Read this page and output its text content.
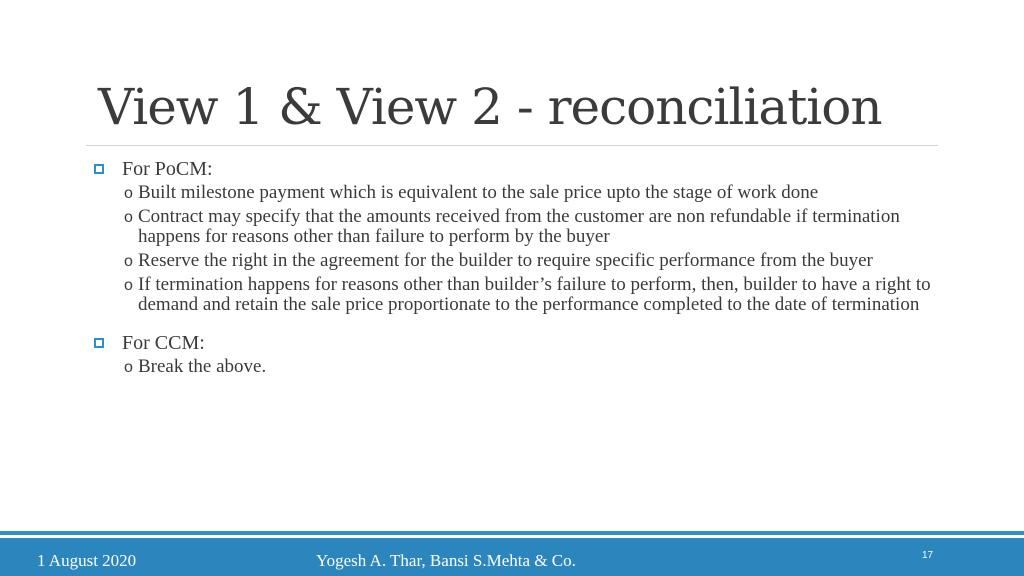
View 1 & View 2 - reconciliation
For PoCM:
o Built milestone payment which is equivalent to the sale price upto the stage of work done
o Contract may specify that the amounts received from the customer are non refundable if termination happens for reasons other than failure to perform by the buyer
o Reserve the right in the agreement for the builder to require specific performance from the buyer
o If termination happens for reasons other than builder’s failure to perform, then, builder to have a right to demand and retain the sale price proportionate to the performance completed to the date of termination
For CCM:
o Break the above.
1 August 2020	Yogesh A. Thar, Bansi S.Mehta & Co.	17
